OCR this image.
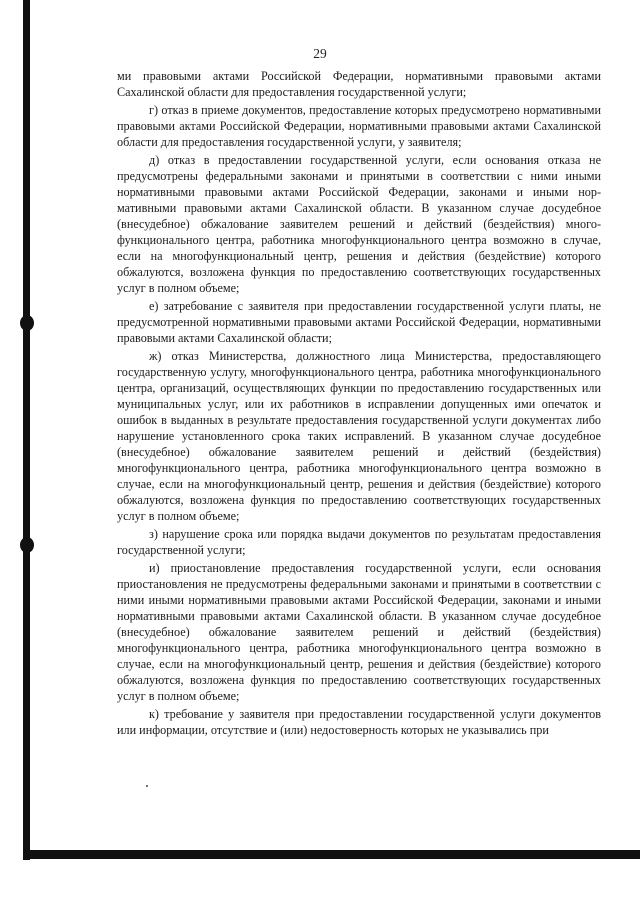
29

ми правовыми актами Российской Федерации, нормативными правовыми актами Сахалинской области для предоставления государственной услуги;

г) отказ в приеме документов, предоставление которых предусмотрено нормативными правовыми актами Российской Федерации, нормативными правовыми актами Сахалинской области для предоставления государственной услуги, у заявителя;

д) отказ в предоставлении государственной услуги, если основания отказа не предусмотрены федеральными законами и принятыми в соответствии с ними иными нормативными правовыми актами Российской Федерации, законами и иными нормативными правовыми актами Сахалинской области. В указанном случае досудебное (внесудебное) обжалование заявителем решений и действий (бездействия) многофункционального центра, работника многофункционального центра возможно в случае, если на многофункциональный центр, решения и действия (бездействие) которого обжалуются, возложена функция по предоставлению соответствующих государственных услуг в полном объеме;

е) затребование с заявителя при предоставлении государственной услуги платы, не предусмотренной нормативными правовыми актами Российской Федерации, нормативными правовыми актами Сахалинской области;

ж) отказ Министерства, должностного лица Министерства, предоставляющего государственную услугу, многофункционального центра, работника многофункционального центра, организаций, осуществляющих функции по предоставлению государственных или муниципальных услуг, или их работников в исправлении допущенных ими опечаток и ошибок в выданных в результате предоставления государственной услуги документах либо нарушение установленного срока таких исправлений. В указанном случае досудебное (внесудебное) обжалование заявителем решений и действий (бездействия) многофункционального центра, работника многофункционального центра возможно в случае, если на многофункциональный центр, решения и действия (бездействие) которого обжалуются, возложена функция по предоставлению соответствующих государственных услуг в полном объеме;

з) нарушение срока или порядка выдачи документов по результатам предоставления государственной услуги;

и) приостановление предоставления государственной услуги, если основания приостановления не предусмотрены федеральными законами и принятыми в соответствии с ними иными нормативными правовыми актами Российской Федерации, законами и иными нормативными правовыми актами Сахалинской области. В указанном случае досудебное (внесудебное) обжалование заявителем решений и действий (бездействия) многофункционального центра, работника многофункционального центра возможно в случае, если на многофункциональный центр, решения и действия (бездействие) которого обжалуются, возложена функция по предоставлению соответствующих государственных услуг в полном объеме;

к) требование у заявителя при предоставлении государственной услуги документов или информации, отсутствие и (или) недостоверность которых не указывались при
